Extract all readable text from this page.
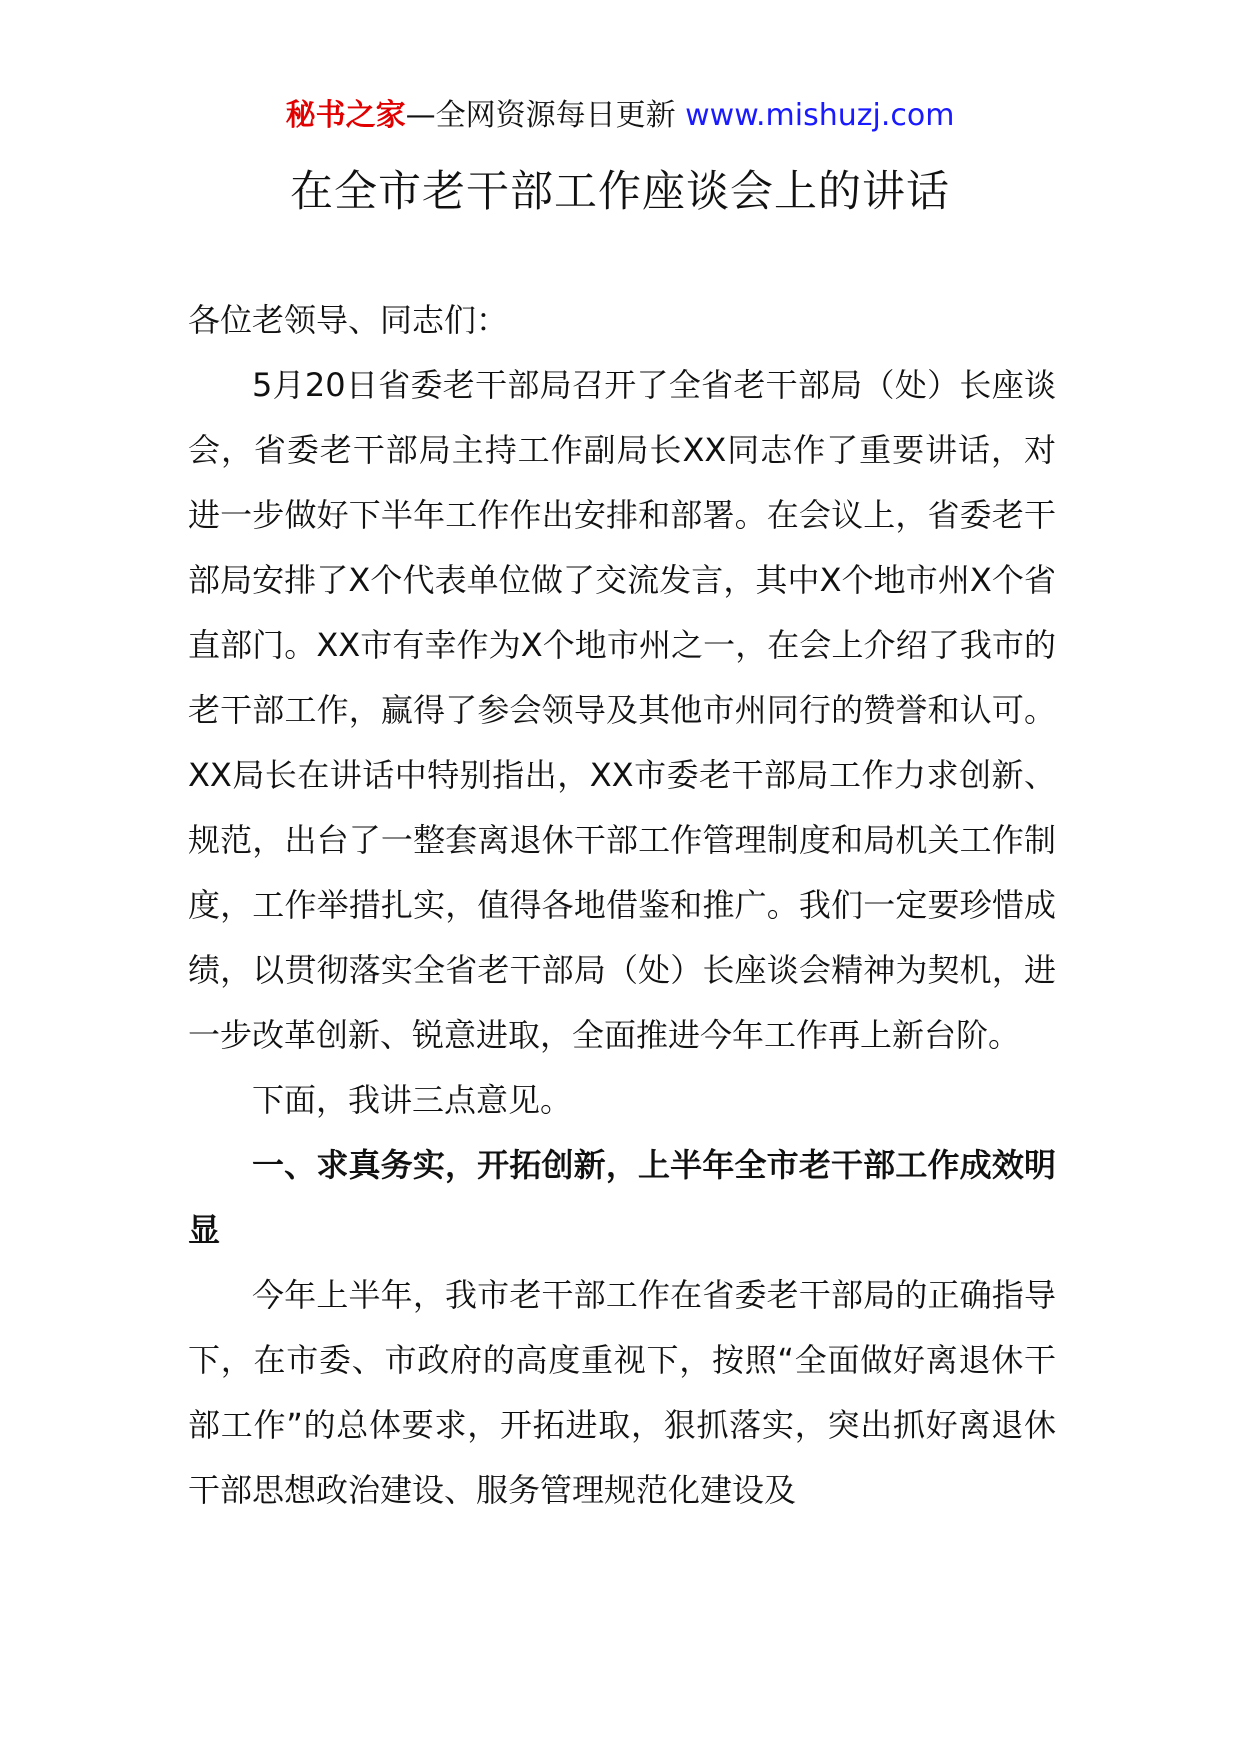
秘书之家—全网资源每日更新 www.mishuzj.com
在全市老干部工作座谈会上的讲话

各位老领导、同志们：

5月20日省委老干部局召开了全省老干部局（处）长座谈会，省委老干部局主持工作副局长XX同志作了重要讲话，对进一步做好下半年工作作出安排和部署。在会议上，省委老干部局安排了X个代表单位做了交流发言，其中X个地市州X个省直部门。XX市有幸作为X个地市州之一，在会上介绍了我市的老干部工作，赢得了参会领导及其他市州同行的赞誉和认可。XX局长在讲话中特别指出，XX市委老干部局工作力求创新、规范，出台了一整套离退休干部工作管理制度和局机关工作制度，工作举措扎实，值得各地借鉴和推广。我们一定要珍惜成绩，以贯彻落实全省老干部局（处）长座谈会精神为契机，进一步改革创新、锐意进取，全面推进今年工作再上新台阶。

下面，我讲三点意见。

一、求真务实，开拓创新，上半年全市老干部工作成效明显

今年上半年，我市老干部工作在省委老干部局的正确指导下，在市委、市政府的高度重视下，按照“全面做好离退休干部工作”的总体要求，开拓进取，狠抓落实，突出抓好离退休干部思想政治建设、服务管理规范化建设及
